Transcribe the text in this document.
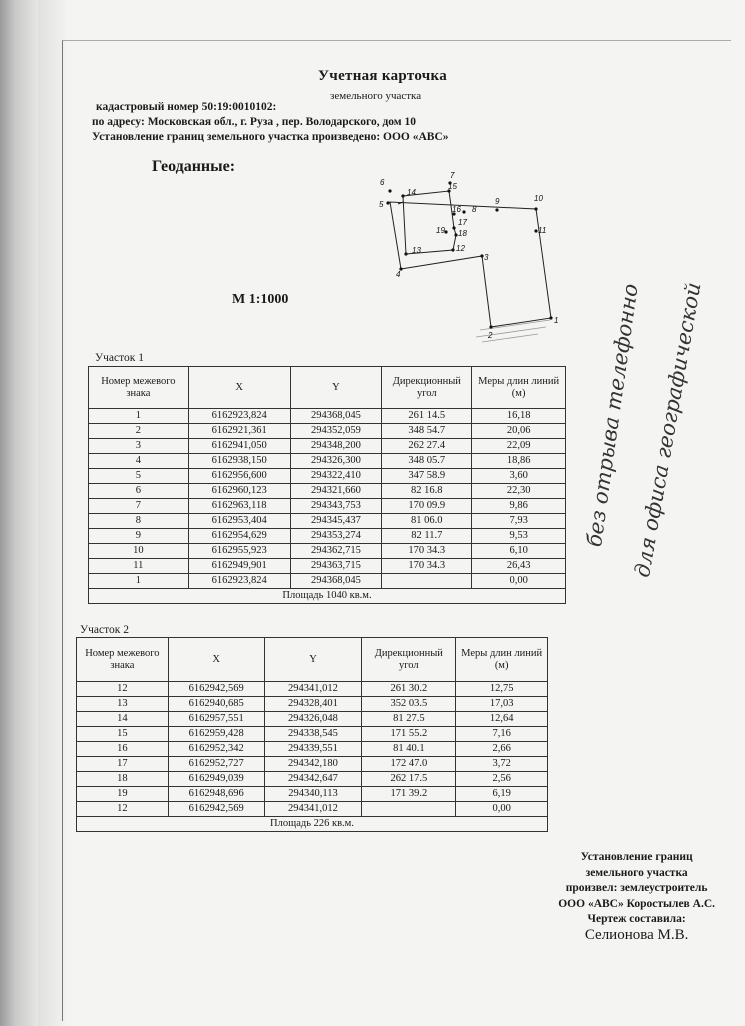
Учетная карточка
земельного участка
кадастровый номер 50:19:0010102:
по адресу: Московская обл., г. Руза , пер. Володарского, дом 10
Установление границ земельного участка произведено: ООО «АВС»
Геоданные:
М 1:1000
1
2
3
4
5
6
7
8
9	10
11
12
13
14
15
16
17
18
19
Участок 1
Номер межевого знака	X	Y	Дирекционный угол	Меры длин линий (м)
1	6162923,824	294368,045	261 14.5	16,18
2	6162921,361	294352,059	348 54.7	20,06
3	6162941,050	294348,200	262 27.4	22,09
4	6162938,150	294326,300	348 05.7	18,86
5	6162956,600	294322,410	347 58.9	3,60
6	6162960,123	294321,660	82 16.8	22,30
7	6162963,118	294343,753	170 09.9	9,86
8	6162953,404	294345,437	81 06.0	7,93
9	6162954,629	294353,274	82 11.7	9,53
10	6162955,923	294362,715	170 34.3	6,10
11	6162949,901	294363,715	170 34.3	26,43
1	6162923,824	294368,045		0,00
Площадь 1040 кв.м.				
Участок 2
Номер межевого знака	X	Y	Дирекционный угол	Меры длин линий (м)
12	6162942,569	294341,012	261 30.2	12,75
13	6162940,685	294328,401	352 03.5	17,03
14	6162957,551	294326,048	81 27.5	12,64
15	6162959,428	294338,545	171 55.2	7,16
16	6162952,342	294339,551	81 40.1	2,66
17	6162952,727	294342,180	172 47.0	3,72
18	6162949,039	294342,647	262 17.5	2,56
19	6162948,696	294340,113	171 39.2	6,19
12	6162942,569	294341,012		0,00
Площадь 226 кв.м.				
Установление границ
земельного участка
произвел: землеустроитель
ООО «АВС» Коростылев А.С.
Чертеж составила:
Селионова М.В.
без отрыва телефонно
для офиса географической
